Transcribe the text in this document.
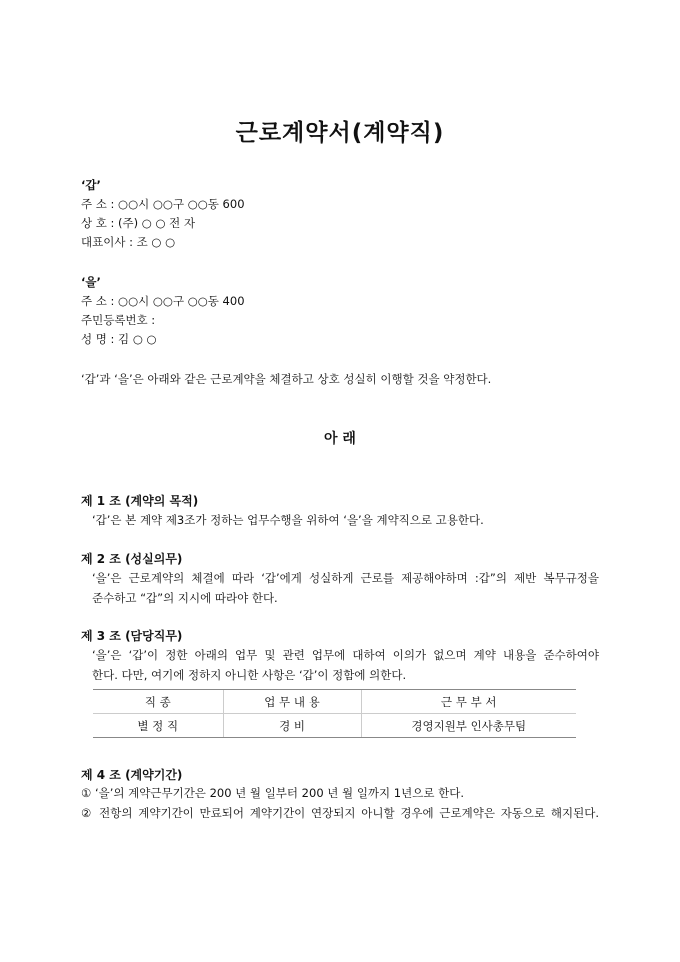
근로계약서(계약직)
‘갑’
주 소 : ○○시 ○○구 ○○동 600
상 호 : (주) ○ ○ 전 자
대표이사 : 조 ○ ○
‘을’
주 소 : ○○시 ○○구 ○○동 400
주민등록번호 :
성 명 : 김 ○ ○
‘갑’과 ‘을’은 아래와 같은 근로계약을 체결하고 상호 성실히 이행할 것을 약정한다.
아 래
제 1 조 (계약의 목적)
‘갑’은 본 계약 제3조가 정하는 업무수행을 위하여 ‘을’을 계약직으로 고용한다.
제 2 조 (성실의무)
‘을’은 근로계약의 체결에 따라 ‘갑’에게 성실하게 근로를 제공해야하며 :갑”의 제반 복무규정을
준수하고 “갑”의 지시에 따라야 한다.
제 3 조 (담당직무)
‘을’은 ‘갑’이 정한 아래의 업무 및 관련 업무에 대하여 이의가 없으며 계약 내용을 준수하여야
한다. 다만, 여기에 정하지 아니한 사항은 ‘갑’이 정함에 의한다.
직 종	업 무 내 용	근 무 부 서
별 정 직	경 비	경영지원부 인사총무팀
제 4 조 (계약기간)
① ‘을’의 계약근무기간은 200 년 월 일부터 200 년 월 일까지 1년으로 한다.
② 전항의 계약기간이 만료되어 계약기간이 연장되지 아니할 경우에 근로계약은 자동으로 해지된다.
